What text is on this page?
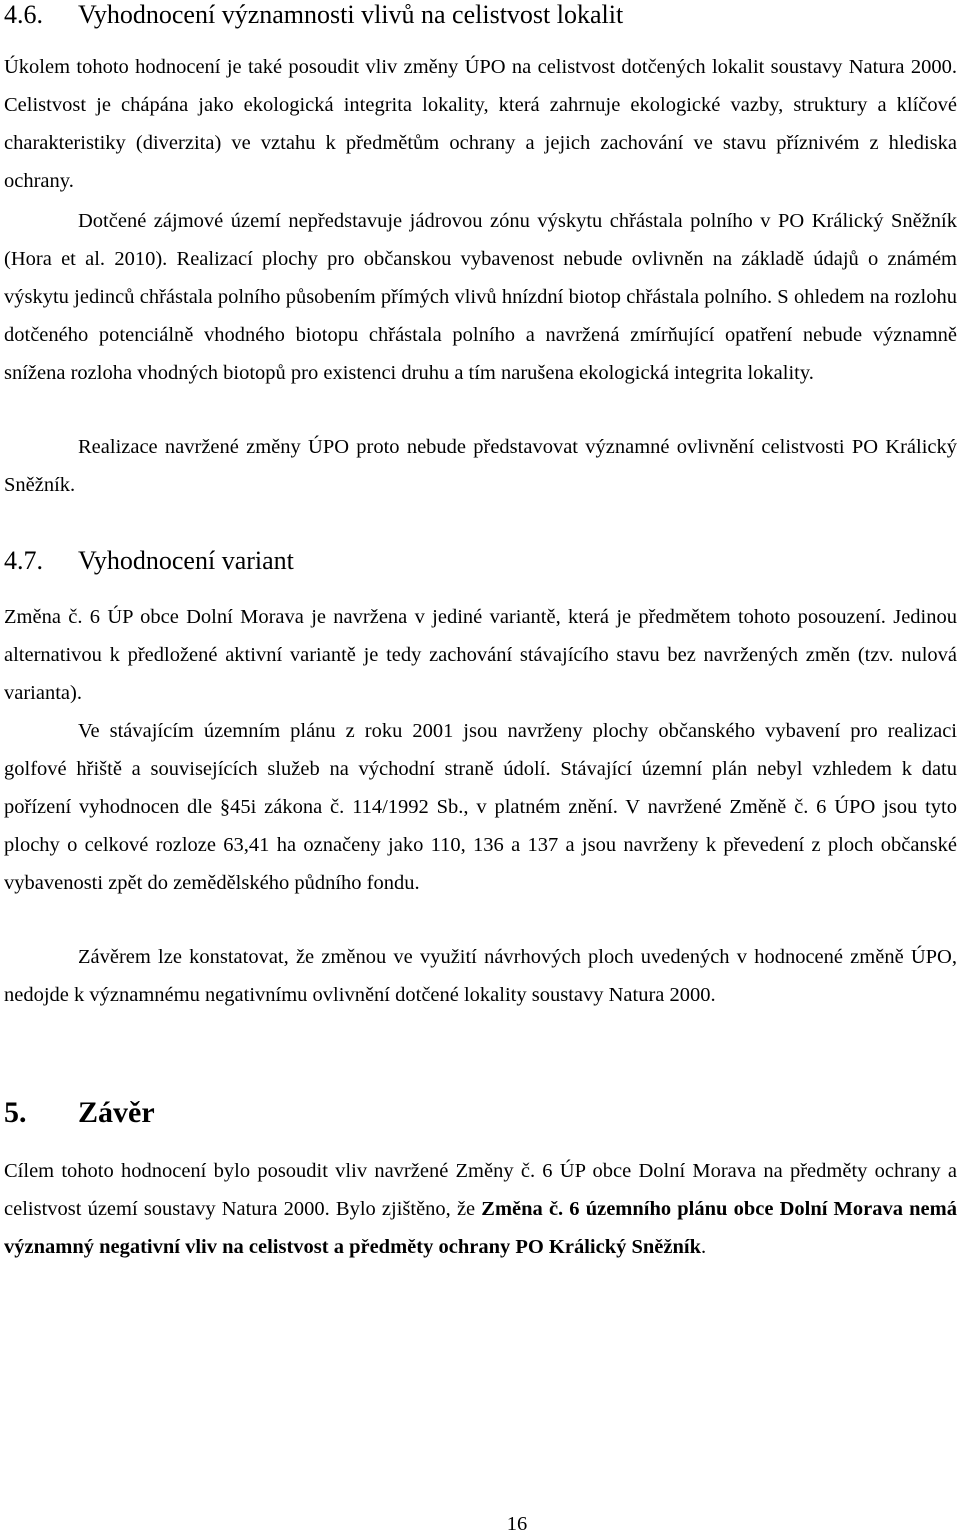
4.6.	Vyhodnocení významnosti vlivů na celistvost lokalit

Úkolem tohoto hodnocení je také posoudit vliv změny ÚPO na celistvost dotčených lokalit soustavy Natura 2000. Celistvost je chápána jako ekologická integrita lokality, která zahrnuje ekologické vazby, struktury a klíčové charakteristiky (diverzita) ve vztahu k předmětům ochrany a jejich zachování ve stavu příznivém z hlediska ochrany.

Dotčené zájmové území nepředstavuje jádrovou zónu výskytu chřástala polního v PO Králický Sněžník (Hora et al. 2010). Realizací plochy pro občanskou vybavenost nebude ovlivněn na základě údajů o známém výskytu jedinců chřástala polního působením přímých vlivů hnízdní biotop chřástala polního. S ohledem na rozlohu dotčeného potenciálně vhodného biotopu chřástala polního a navržená zmírňující opatření nebude významně snížena rozloha vhodných biotopů pro existenci druhu a tím narušena ekologická integrita lokality.

Realizace navržené změny ÚPO proto nebude představovat významné ovlivnění celistvosti PO Králický Sněžník.

4.7.	Vyhodnocení variant

Změna č. 6 ÚP obce Dolní Morava je navržena v jediné variantě, která je předmětem tohoto posouzení. Jedinou alternativou k předložené aktivní variantě je tedy zachování stávajícího stavu bez navržených změn (tzv. nulová varianta).

Ve stávajícím územním plánu z roku 2001 jsou navrženy plochy občanského vybavení pro realizaci golfové hřiště a souvisejících služeb na východní straně údolí. Stávající územní plán nebyl vzhledem k datu pořízení vyhodnocen dle §45i zákona č. 114/1992 Sb., v platném znění. V navržené Změně č. 6 ÚPO jsou tyto plochy o celkové rozloze 63,41 ha označeny jako 110, 136 a 137 a jsou navrženy k převedení z ploch občanské vybavenosti zpět do zemědělského půdního fondu.

Závěrem lze konstatovat, že změnou ve využití návrhových ploch uvedených v hodnocené změně ÚPO, nedojde k významnému negativnímu ovlivnění dotčené lokality soustavy Natura 2000.

5.	Závěr

Cílem tohoto hodnocení bylo posoudit vliv navržené Změny č. 6 ÚP obce Dolní Morava na předměty ochrany a celistvost území soustavy Natura 2000. Bylo zjištěno, že Změna č. 6 územního plánu obce Dolní Morava nemá významný negativní vliv na celistvost a předměty ochrany PO Králický Sněžník.

16
